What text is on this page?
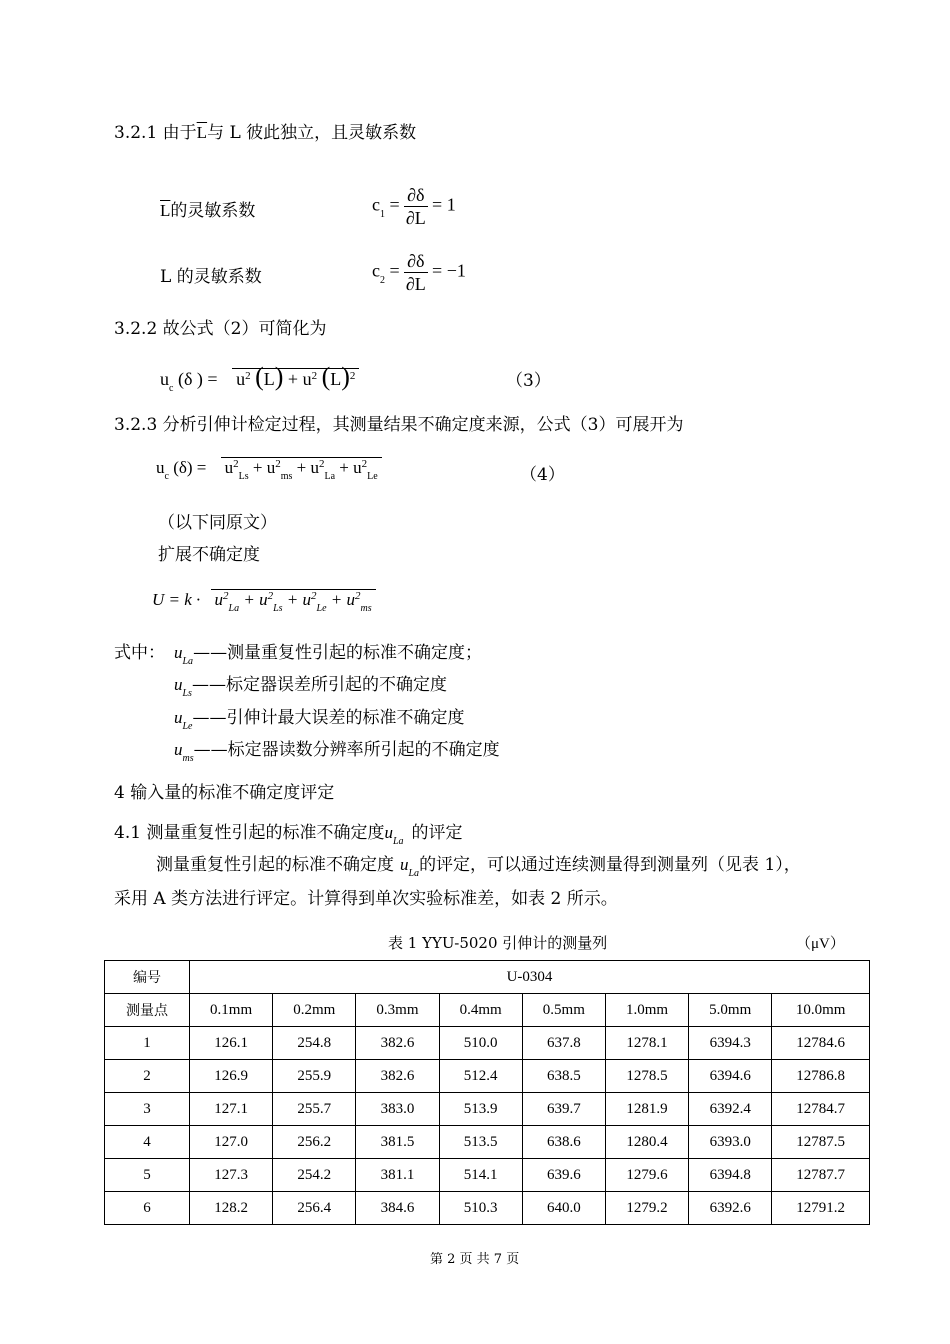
3.2.1 由于$\overline{L}$与 L 彼此独立，且灵敏系数
$\overline{L}$的灵敏系数	$c_1 = \frac{\partial\delta}{\partial L} = 1$
L 的灵敏系数	$c_2 = \frac{\partial\delta}{\partial L} = -1$
3.2.2 故公式（2）可简化为
$u_c$ (δ ) = $u^2$ $(\overline{L}) + u^2$ $(L)^2$	（3）
3.2.3 分析引伸计检定过程，其测量结果不确定度来源，公式（3）可展开为
$u_c$ $(\delta) = u^2_{Ls} + u^2_{ms} + u^2_{La} + u^2_{Le}$	（4）
（以下同原文）
扩展不确定度
$U = k \cdot u^2_{La} + u^2_{Ls} + u^2_{Le} + u^2_{ms}$
式中： $u_{La}——$测量重复性引起的标准不确定度；
$u_{Ls}——$标定器误差所引起的不确定度
$u_{Le}——$引伸计最大误差的标准不确定度
$u_{ms}——$标定器读数分辨率所引起的不确定度
4 输入量的标准不确定度评定
4.1 测量重复性引起的标准不确定度$u_{La}$ 的评定
测量重复性引起的标准不确定度 $u_{La}$的评定，可以通过连续测量得到测量列（见表 1），
采用 A 类方法进行评定。计算得到单次实验标准差，如表 2 所示。
表 1 YYU-5020 引伸计的测量列	（μV）
编号	U-0304							
测量点	0.1mm	0.2mm	0.3mm	0.4mm	0.5mm	1.0mm	5.0mm	10.0mm
1	126.1	254.8	382.6	510.0	637.8	1278.1	6394.3	12784.6
2	126.9	255.9	382.6	512.4	638.5	1278.5	6394.6	12786.8
3	127.1	255.7	383.0	513.9	639.7	1281.9	6392.4	12784.7
4	127.0	256.2	381.5	513.5	638.6	1280.4	6393.0	12787.5
5	127.3	254.2	381.1	514.1	639.6	1279.6	6394.8	12787.7
6	128.2	256.4	384.6	510.3	640.0	1279.2	6392.6	12791.2
第 2 页 共 7 页
